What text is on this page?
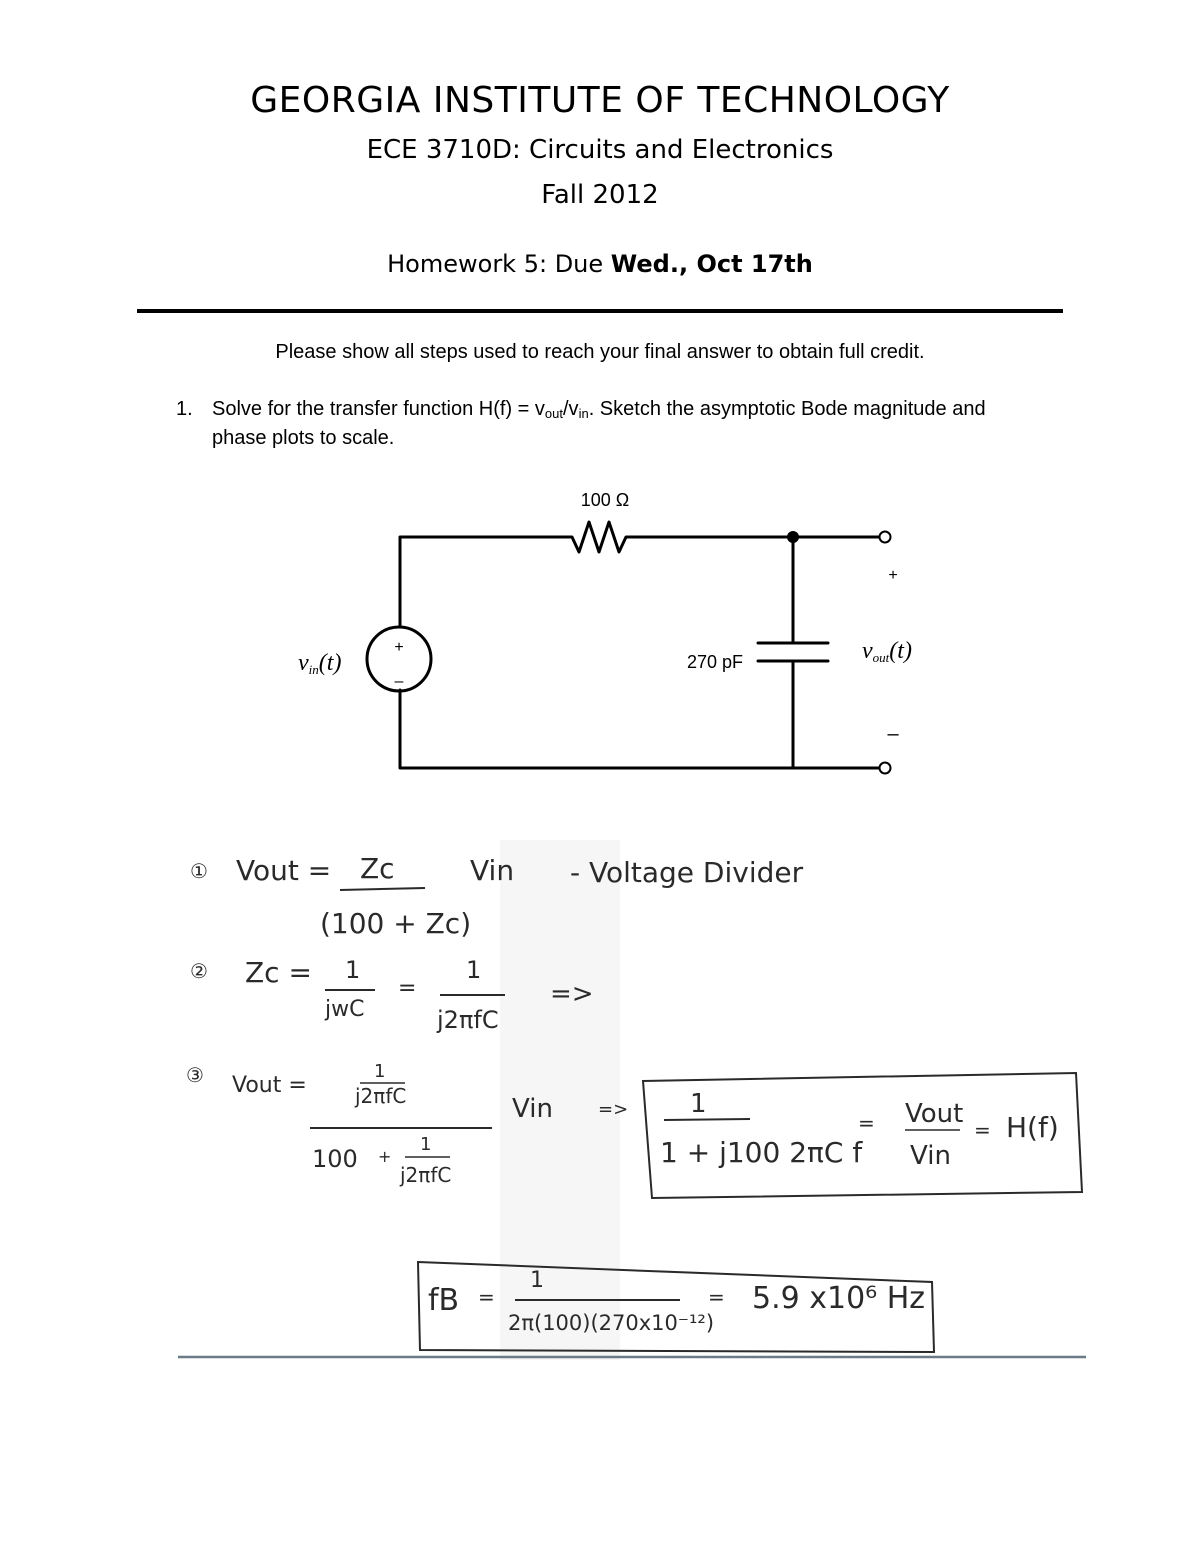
GEORGIA INSTITUTE OF TECHNOLOGY
ECE 3710D: Circuits and Electronics
Fall 2012
Homework 5: Due Wed., Oct 17th
Please show all steps used to reach your final answer to obtain full credit.
1. Solve for the transfer function $H(f) = v_{out}/v_{in}$. Sketch the asymptotic Bode magnitude and phase plots to scale.
100 Ω
270 pF
+
–
vin(t)
+
–
vout(t)
① Vout = Zc
(100 + Zc)
Vin - Voltage Divider
② Zc = 1
jwC
=
1
j2πfC
=>
③ Vout =
1
j2πfC
100 +
1
j2πfC
Vin	=> 1
1 + j100 2πC f
= Vout
Vin
= H(f)
fB =
1
2π(100)(270x10⁻¹²)
= 5.9 x10⁶ Hz
